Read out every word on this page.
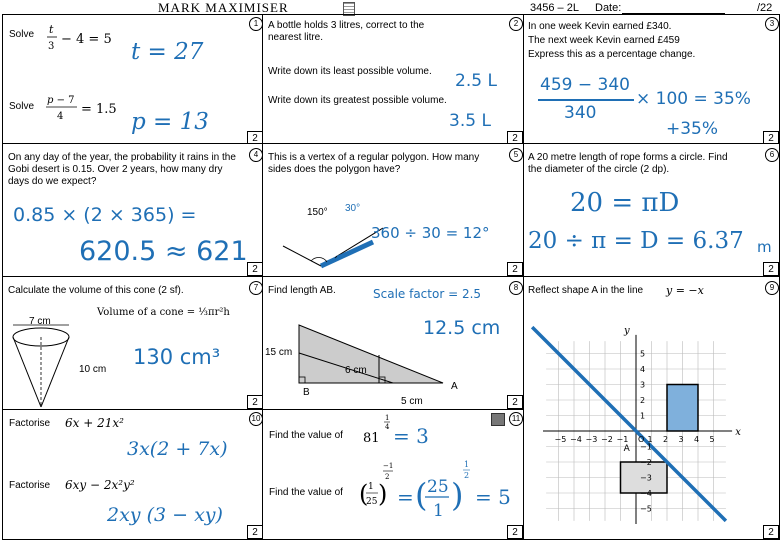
MARK MAXIMISER	3456 – 2L Date:	/22
1
Solve t
3 − 4 = 5 t = 27
Solve
p − 7
4 = 1.5 p = 13
2
2
A bottle holds 3 litres, correct to the nearest litre.
Write down its least possible volume. 2.5 L
Write down its greatest possible volume.
3.5 L
2
3
In one week Kevin earned £340.
The next week Kevin earned £459
Express this as a percentage change.
459 − 340
340
× 100 = 35%
+35%	2
4
On any day of the year, the probability it rains in the Gobi desert is 0.15. Over 2 years, how many dry days do we expect?
0.85 × (2 × 365) =
620.5 ≈ 621
2
5
This is a vertex of a regular polygon. How many sides does the polygon have?
150° 30°
360 ÷ 30 = 12°
2
6
A 20 metre length of rope forms a circle. Find the diameter of the circle (2 dp).
20 = πD
20 ÷ π = D = 6.37 m
2
7
Calculate the volume of this cone (2 sf).
Volume of a cone = ⅓πr²h
7 cm
10 cm
130 cm³
2
8
Find length AB.	Scale factor = 2.5
12.5 cm
15 cm
6 cm
5 cm
A
B
2
9
Reflect shape A in the line y = −x
−5 −4 −3 −2 −1 O 1 2 3 4 5
5
4
3
2
1
−1
−2
−3
−4
−5
x
y
A
2
10
Factorise 6x + 21x²
3x(2 + 7x)
Factorise 6xy − 2x²y²
2xy (3 − xy)
2
11
Find the value of
1
4
81 = 3
Find the value of
−1
2
( 1
25 ) = ( 25
1 )
1
2
= 5
2
